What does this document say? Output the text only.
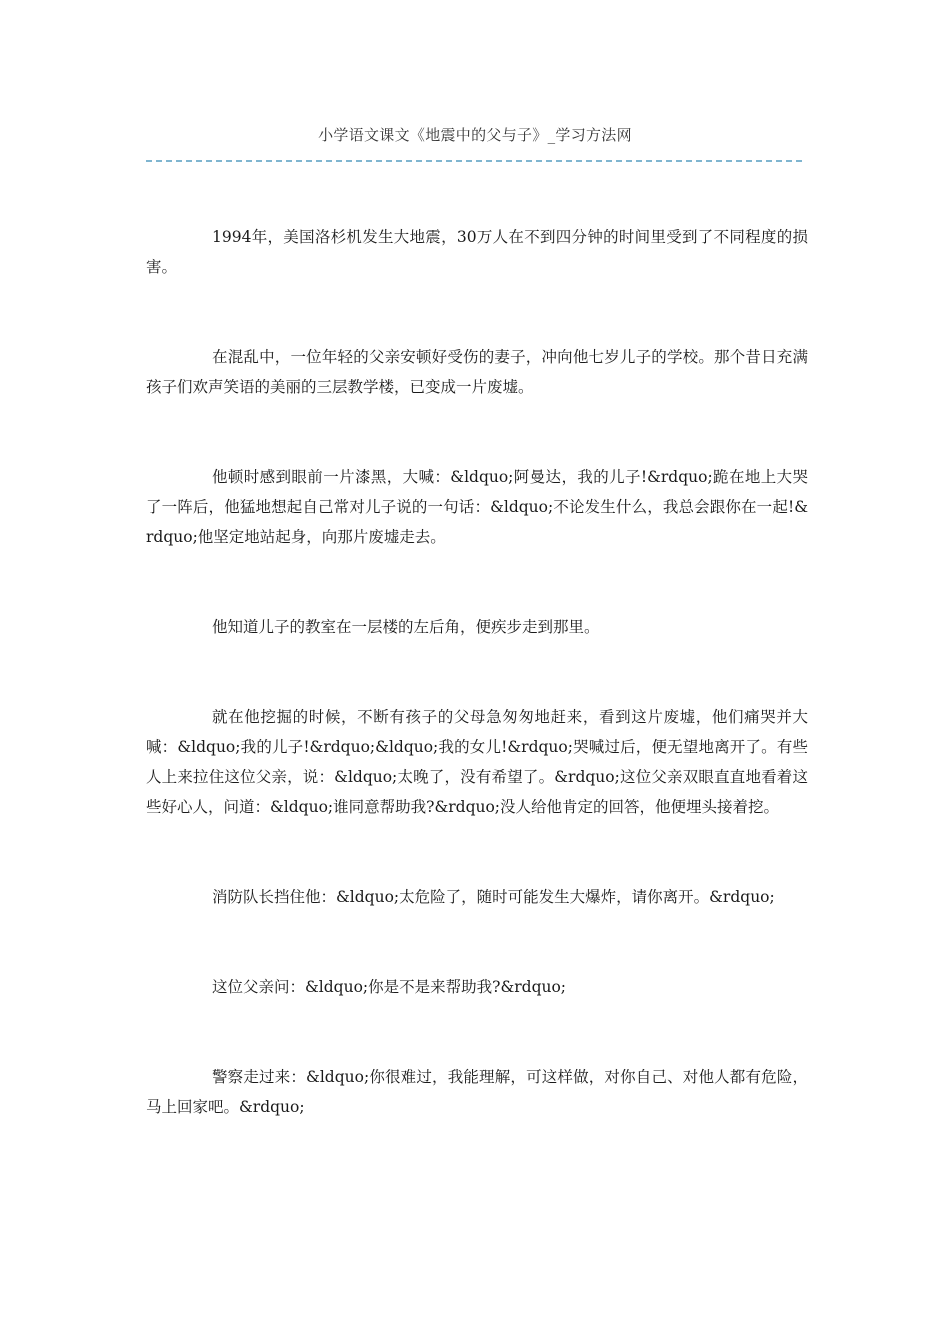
小学语文课文《地震中的父与子》_学习方法网

1994年，美国洛杉机发生大地震，30万人在不到四分钟的时间里受到了不同程度的损害。

在混乱中，一位年轻的父亲安顿好受伤的妻子，冲向他七岁儿子的学校。那个昔日充满孩子们欢声笑语的美丽的三层教学楼，已变成一片废墟。

他顿时感到眼前一片漆黑，大喊：&ldquo;阿曼达，我的儿子!&rdquo;跪在地上大哭了一阵后，他猛地想起自己常对儿子说的一句话：&ldquo;不论发生什么，我总会跟你在一起!&rdquo;他坚定地站起身，向那片废墟走去。

他知道儿子的教室在一层楼的左后角，便疾步走到那里。

就在他挖掘的时候，不断有孩子的父母急匆匆地赶来，看到这片废墟，他们痛哭并大喊：&ldquo;我的儿子!&rdquo;&ldquo;我的女儿!&rdquo;哭喊过后，便无望地离开了。有些人上来拉住这位父亲，说：&ldquo;太晚了，没有希望了。&rdquo;这位父亲双眼直直地看着这些好心人，问道：&ldquo;谁同意帮助我?&rdquo;没人给他肯定的回答，他便埋头接着挖。

消防队长挡住他：&ldquo;太危险了，随时可能发生大爆炸，请你离开。&rdquo;

这位父亲问：&ldquo;你是不是来帮助我?&rdquo;

警察走过来：&ldquo;你很难过，我能理解，可这样做，对你自己、对他人都有危险，马上回家吧。&rdquo;
